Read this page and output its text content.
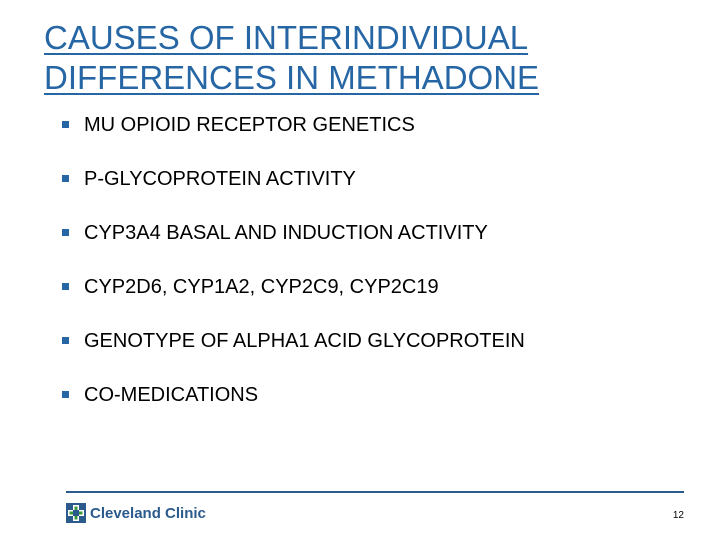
CAUSES OF INTERINDIVIDUAL
DIFFERENCES IN METHADONE
MU OPIOID RECEPTOR GENETICS
P-GLYCOPROTEIN ACTIVITY
CYP3A4 BASAL AND INDUCTION ACTIVITY
CYP2D6, CYP1A2, CYP2C9, CYP2C19
GENOTYPE OF ALPHA1 ACID GLYCOPROTEIN
CO-MEDICATIONS
Cleveland Clinic	12
